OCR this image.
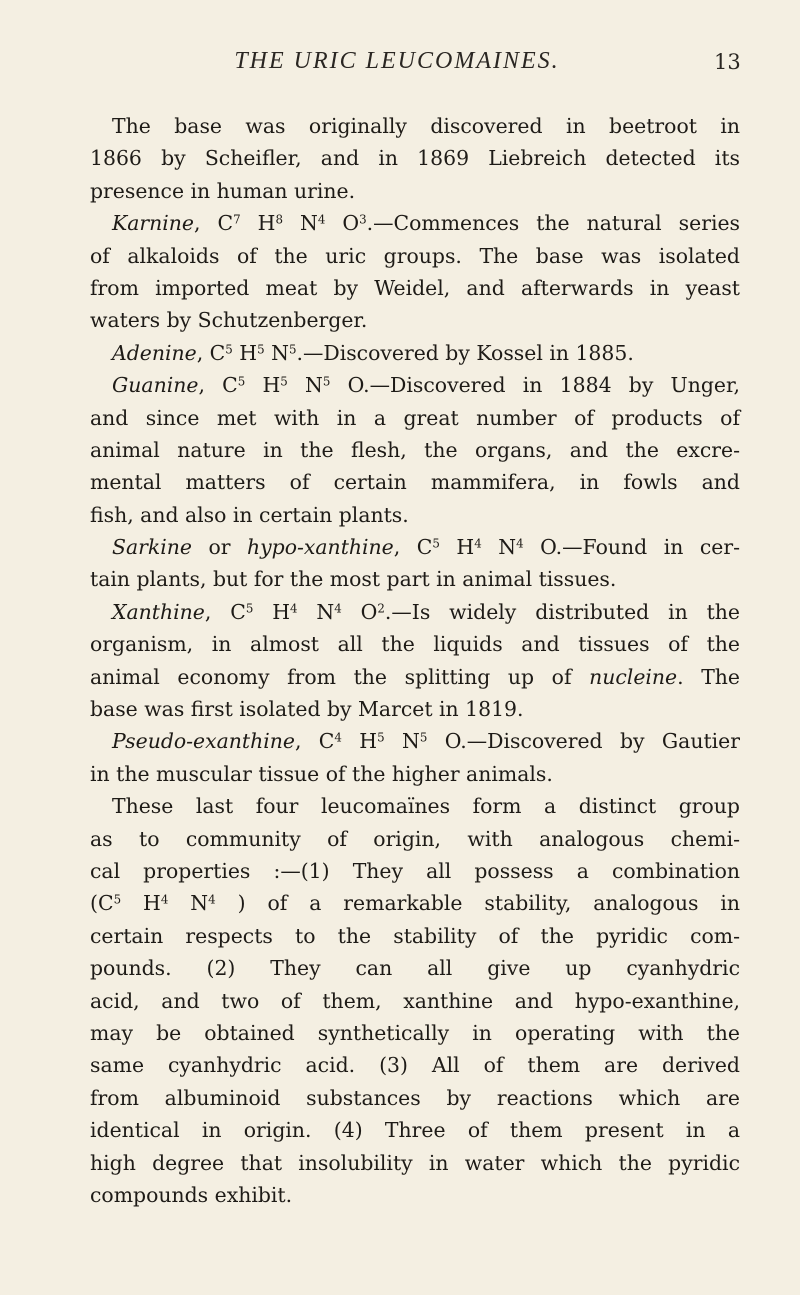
THE URIC LEUCOMAINES.	13
The base was originally discovered in beetroot in
1866 by Scheifler, and in 1869 Liebreich detected its
presence in human urine.
Karnine, $C^7$ $H^8$ $N^4$ $O^3.—Commences$ the natural series
of alkaloids of the uric groups. The base was isolated
from imported meat by Weidel, and afterwards in yeast
waters by Schutzenberger.
Adenine, $C^5$ $H^5$ $N^5.—Discovered$ by Kossel in 1885.
Guanine, $C^5$ $H^5$ $N^5$ O.—Discovered in 1884 by Unger,
and since met with in a great number of products of
animal nature in the flesh, the organs, and the excre-
mental matters of certain mammifera, in fowls and
fish, and also in certain plants.
Sarkine or hypo-xanthine, $C^5$ $H^4$ $N^4$ O.—Found in cer-
tain plants, but for the most part in animal tissues.
Xanthine, $C^5$ $H^4$ $N^4$ $O^2.—Is$ widely distributed in the
organism, in almost all the liquids and tissues of the
animal economy from the splitting up of nucleine. The
base was first isolated by Marcet in 1819.
Pseudo-exanthine, $C^4$ $H^5$ $N^5$ O.—Discovered by Gautier
in the muscular tissue of the higher animals.
These last four leucomaïnes form a distinct group
as to community of origin, with analogous chemi-
cal properties :—(1) They all possess a combination
($C^5$ $H^4$ $N^4$ ) of a remarkable stability, analogous in
certain respects to the stability of the pyridic com-
pounds. (2) They can all give up cyanhydric
acid, and two of them, xanthine and hypo-exanthine,
may be obtained synthetically in operating with the
same cyanhydric acid. (3) All of them are derived
from albuminoid substances by reactions which are
identical in origin. (4) Three of them present in a
high degree that insolubility in water which the pyridic
compounds exhibit.
